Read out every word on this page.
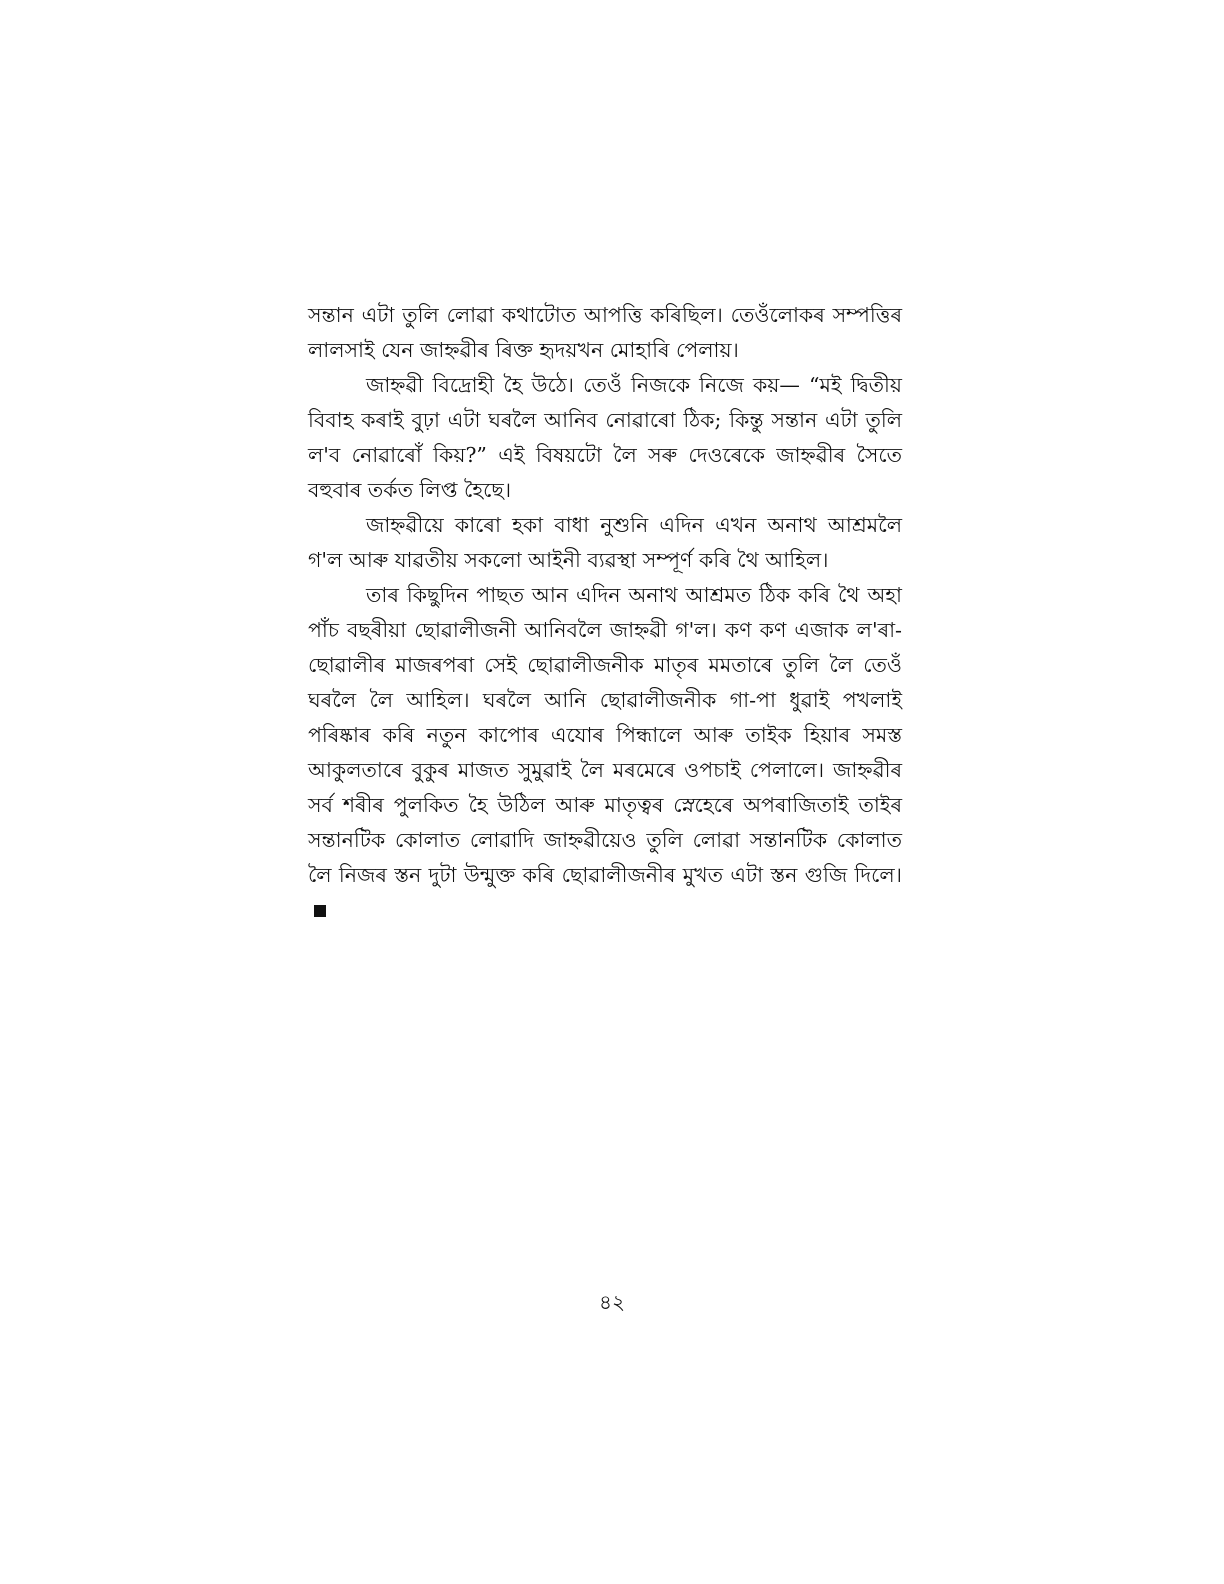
সন্তান এটা তুলি লোৱা কথাটোত আপত্তি কৰিছিল। তেওঁলোকৰ সম্পত্তিৰ লালসাই যেন জাহ্নৱীৰ ৰিক্ত হৃদয়খন মোহাৰি পেলায়।

জাহ্নৱী বিদ্ৰোহী হৈ উঠে। তেওঁ নিজকে নিজে কয়— “মই দ্বিতীয় বিবাহ কৰাই বুঢ়া এটা ঘৰলৈ আনিব নোৱাৰো ঠিক; কিন্তু সন্তান এটা তুলি ল'ব নোৱাৰোঁ কিয়?” এই বিষয়টো লৈ সৰু দেওৰেকে জাহ্নৱীৰ সৈতে বহুবাৰ তৰ্কত লিপ্ত হৈছে।

জাহ্নৱীয়ে কাৰো হকা বাধা নুশুনি এদিন এখন অনাথ আশ্ৰমলৈ গ'ল আৰু যাৱতীয় সকলো আইনী ব্যৱস্থা সম্পূৰ্ণ কৰি থৈ আহিল।

তাৰ কিছুদিন পাছত আন এদিন অনাথ আশ্ৰমত ঠিক কৰি থৈ অহা পাঁচ বছৰীয়া ছোৱালীজনী আনিবলৈ জাহ্নৱী গ'ল। কণ কণ এজাক ল'ৰা-ছোৱালীৰ মাজৰপৰা সেই ছোৱালীজনীক মাতৃৰ মমতাৰে তুলি লৈ তেওঁ ঘৰলৈ লৈ আহিল। ঘৰলৈ আনি ছোৱালীজনীক গা-পা ধুৱাই পখলাই পৰিষ্কাৰ কৰি নতুন কাপোৰ এযোৰ পিন্ধালে আৰু তাইক হিয়াৰ সমস্ত আকুলতাৰে বুকুৰ মাজত সুমুৱাই লৈ মৰমেৰে ওপচাই পেলালে। জাহ্নৱীৰ সৰ্ব শৰীৰ পুলকিত হৈ উঠিল আৰু মাতৃত্বৰ স্নেহেৰে অপৰাজিতাই তাইৰ সন্তানটিক কোলাত লোৱাদি জাহ্নৱীয়েও তুলি লোৱা সন্তানটিক কোলাত লৈ নিজৰ স্তন দুটা উন্মুক্ত কৰি ছোৱালীজনীৰ মুখত এটা স্তন গুজি দিলে।

৪২
